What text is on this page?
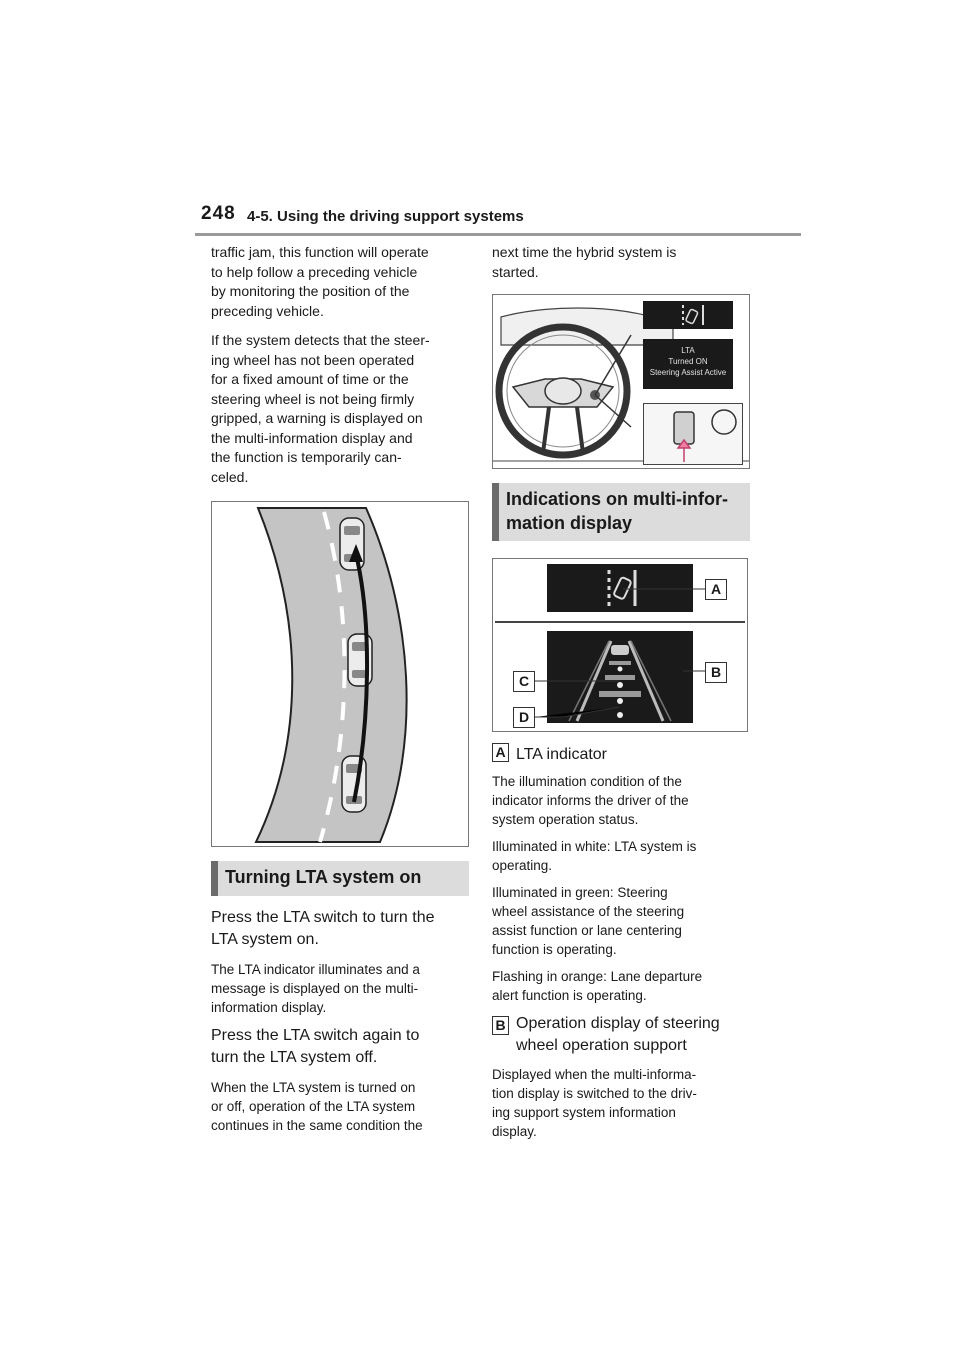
248 4-5. Using the driving support systems

traffic jam, this function will operate
to help follow a preceding vehicle
by monitoring the position of the
preceding vehicle.

If the system detects that the steer-
ing wheel has not been operated
for a fixed amount of time or the
steering wheel is not being firmly
gripped, a warning is displayed on
the multi-information display and
the function is temporarily can-
celed.

Turning LTA system on

Press the LTA switch to turn the
LTA system on.

The LTA indicator illuminates and a
message is displayed on the multi-
information display.

Press the LTA switch again to
turn the LTA system off.

When the LTA system is turned on
or off, operation of the LTA system
continues in the same condition the

next time the hybrid system is
started.

LTA
Turned ON
Steering Assist Active
Indications on multi-infor-
mation display
A
B
C
D
A LTA indicator

The illumination condition of the
indicator informs the driver of the
system operation status.

Illuminated in white: LTA system is
operating.

Illuminated in green: Steering
wheel assistance of the steering
assist function or lane centering
function is operating.

Flashing in orange: Lane departure
alert function is operating.

B Operation display of steering
wheel operation support

Displayed when the multi-informa-
tion display is switched to the driv-
ing support system information
display.
